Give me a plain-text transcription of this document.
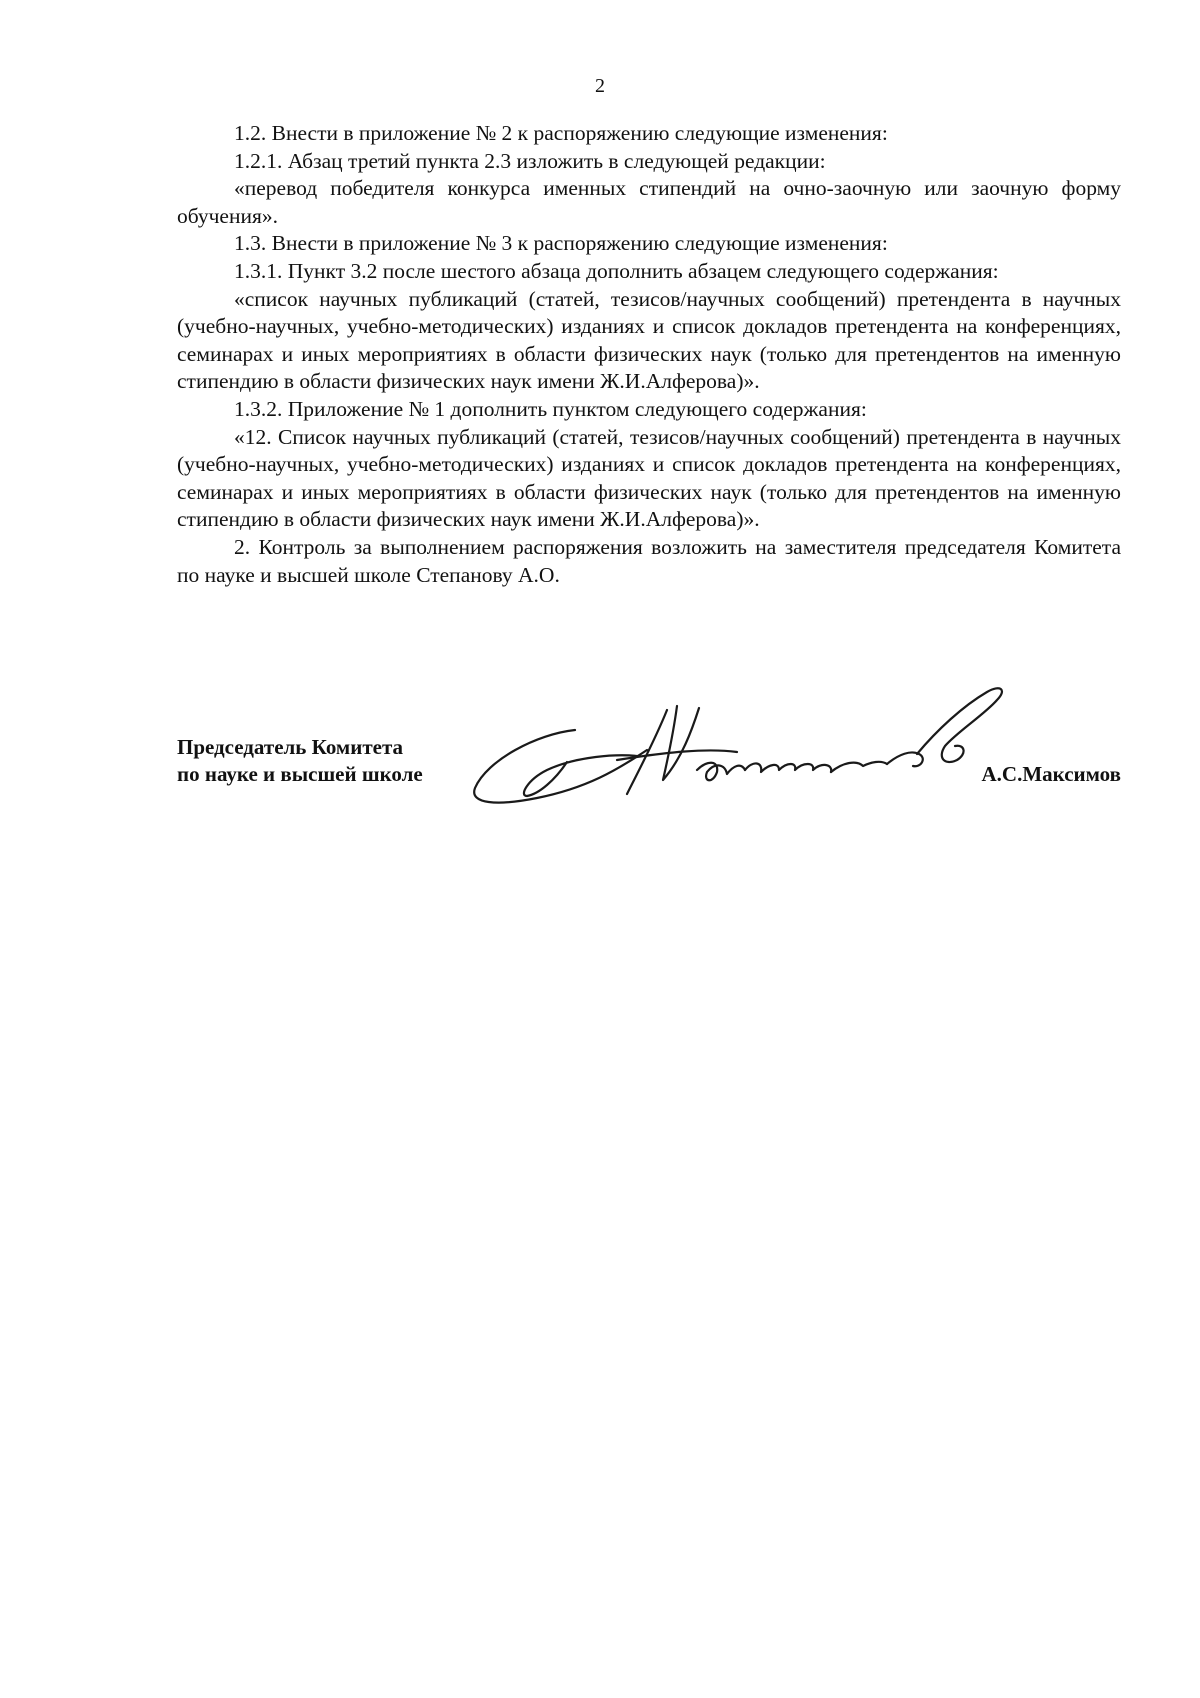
2

1.2. Внести в приложение № 2 к распоряжению следующие изменения:

1.2.1. Абзац третий пункта 2.3 изложить в следующей редакции:

«перевод победителя конкурса именных стипендий на очно-заочную или заочную форму обучения».

1.3. Внести в приложение № 3 к распоряжению следующие изменения:

1.3.1. Пункт 3.2 после шестого абзаца дополнить абзацем следующего содержания:

«список научных публикаций (статей, тезисов/научных сообщений) претендента в научных (учебно-научных, учебно-методических) изданиях и список докладов претендента на конференциях, семинарах и иных мероприятиях в области физических наук (только для претендентов на именную стипендию в области физических наук имени Ж.И.Алферова)».

1.3.2. Приложение № 1 дополнить пунктом следующего содержания:

«12. Список научных публикаций (статей, тезисов/научных сообщений) претендента в научных (учебно-научных, учебно-методических) изданиях и список докладов претендента на конференциях, семинарах и иных мероприятиях в области физических наук (только для претендентов на именную стипендию в области физических наук имени Ж.И.Алферова)».

2. Контроль за выполнением распоряжения возложить на заместителя председателя Комитета по науке и высшей школе Степанову А.О.

Председатель Комитета
по науке и высшей школе	А.С.Максимов
